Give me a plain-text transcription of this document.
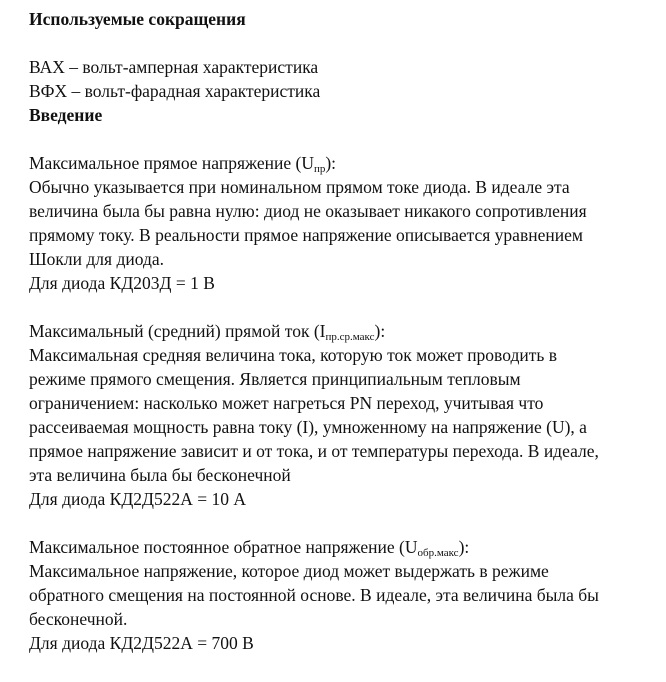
Используемые сокращения
ВАХ – вольт-амперная характеристика
ВФХ – вольт-фарадная характеристика
Введение
Максимальное прямое напряжение $(U_{пр})$:
Обычно указывается при номинальном прямом токе диода. В идеале эта
величина была бы равна нулю: диод не оказывает никакого сопротивления
прямому току. В реальности прямое напряжение описывается уравнением
Шокли для диода.
Для диода КД203Д = 1 В
Максимальный (средний) прямой ток $(I_{пр.ср.макс})$:
Максимальная средняя величина тока, которую ток может проводить в
режиме прямого смещения. Является принципиальным тепловым
ограничением: насколько может нагреться PN переход, учитывая что
рассеиваемая мощность равна току (I), умноженному на напряжение (U), а
прямое напряжение зависит и от тока, и от температуры перехода. В идеале,
эта величина была бы бесконечной
Для диода КД2Д522А = 10 А
Максимальное постоянное обратное напряжение $(U_{обр.макс})$:
Максимальное напряжение, которое диод может выдержать в режиме
обратного смещения на постоянной основе. В идеале, эта величина была бы
бесконечной.
Для диода КД2Д522А = 700 В
